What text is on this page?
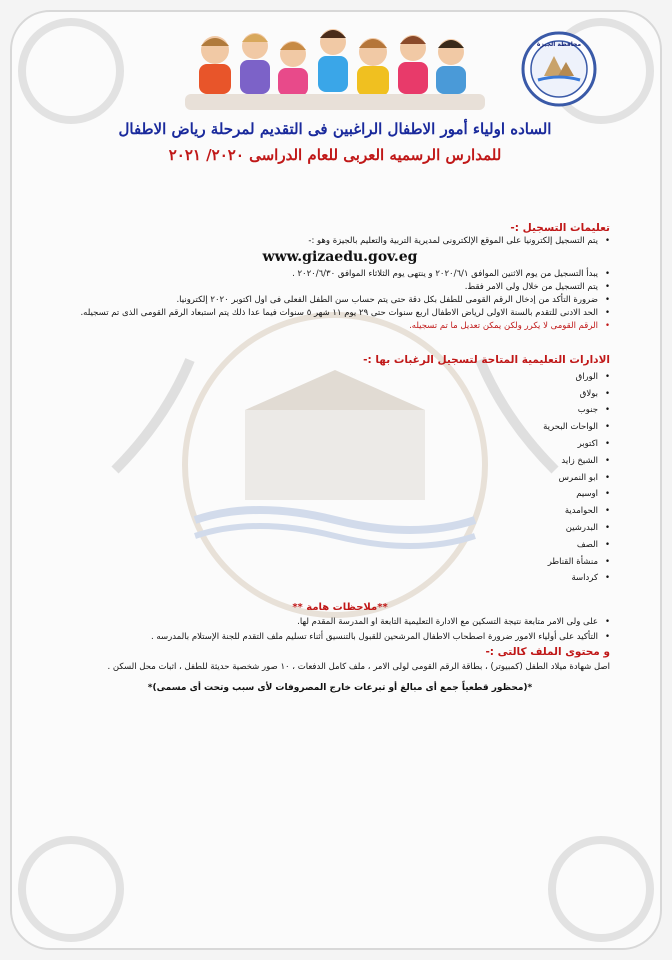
محافظة الجيزة
الساده اولياء أمور الاطفال الراغبين فى التقديم لمرحلة رياض الاطفال
للمدارس الرسميه العربى للعام الدراسى ٢٠٢٠/ ٢٠٢١
تعليمات التسجيل :-
• يتم التسجيل إلكترونيا على الموقع الإلكترونى لمديرية التربية والتعليم بالجيزة وهو :-
www.gizaedu.gov.eg
• يبدأ التسجيل من يوم الاثنين الموافق ٢٠٢٠/٦/١ و ينتهى يوم الثلاثاء الموافق ٢٠٢٠/٦/٣٠ .
• يتم التسجيل من خلال ولى الامر فقط.
• ضرورة التأكد من إدخال الرقم القومى للطفل بكل دقة حتى يتم حساب سن الطفل الفعلى فى اول اكتوبر ٢٠٢٠ إلكترونيا.
• الحد الادنى للتقدم بالسنة الاولى لرياض الاطفال اربع سنوات حتى ٢٩ يوم ١١ شهر ٥ سنوات فيما عدا ذلك يتم استبعاد الرقم القومى الذى تم تسجيله.
• الرقم القومى لا يكرر ولكن يمكن تعديل ما تم تسجيله.
الادارات التعليمية المتاحة لتسجيل الرغبات بها :-
• الوراق
• بولاق
• جنوب
• الواحات البحرية
• اكتوبر
• الشيخ زايد
• ابو النمرس
• اوسيم
• الحوامدية
• البدرشين
• الصف
• منشأة القناطر
• كرداسة
**ملاحظات هامة **
• على ولى الامر متابعة نتيجة التسكين مع الادارة التعليمية التابعة او المدرسة المقدم لها.
• التأكيد على أولياء الامور ضرورة اصطحاب الاطفال المرشحين للقبول بالتنسيق أثناء تسليم ملف التقدم للجنة الإستلام بالمدرسه .
و محتوى الملف كالتى :-
اصل شهادة ميلاد الطفل (كمبيوتر) ، بطاقة الرقم القومى لولى الامر ، ملف كامل الدفعات ، ١٠ صور شخصية حديثة للطفل ، اثبات محل السكن .
*(محظور قطعياً جمع أى مبالغ أو تبرعات خارج المصروفات لأى سبب وتحت أى مسمى)*
